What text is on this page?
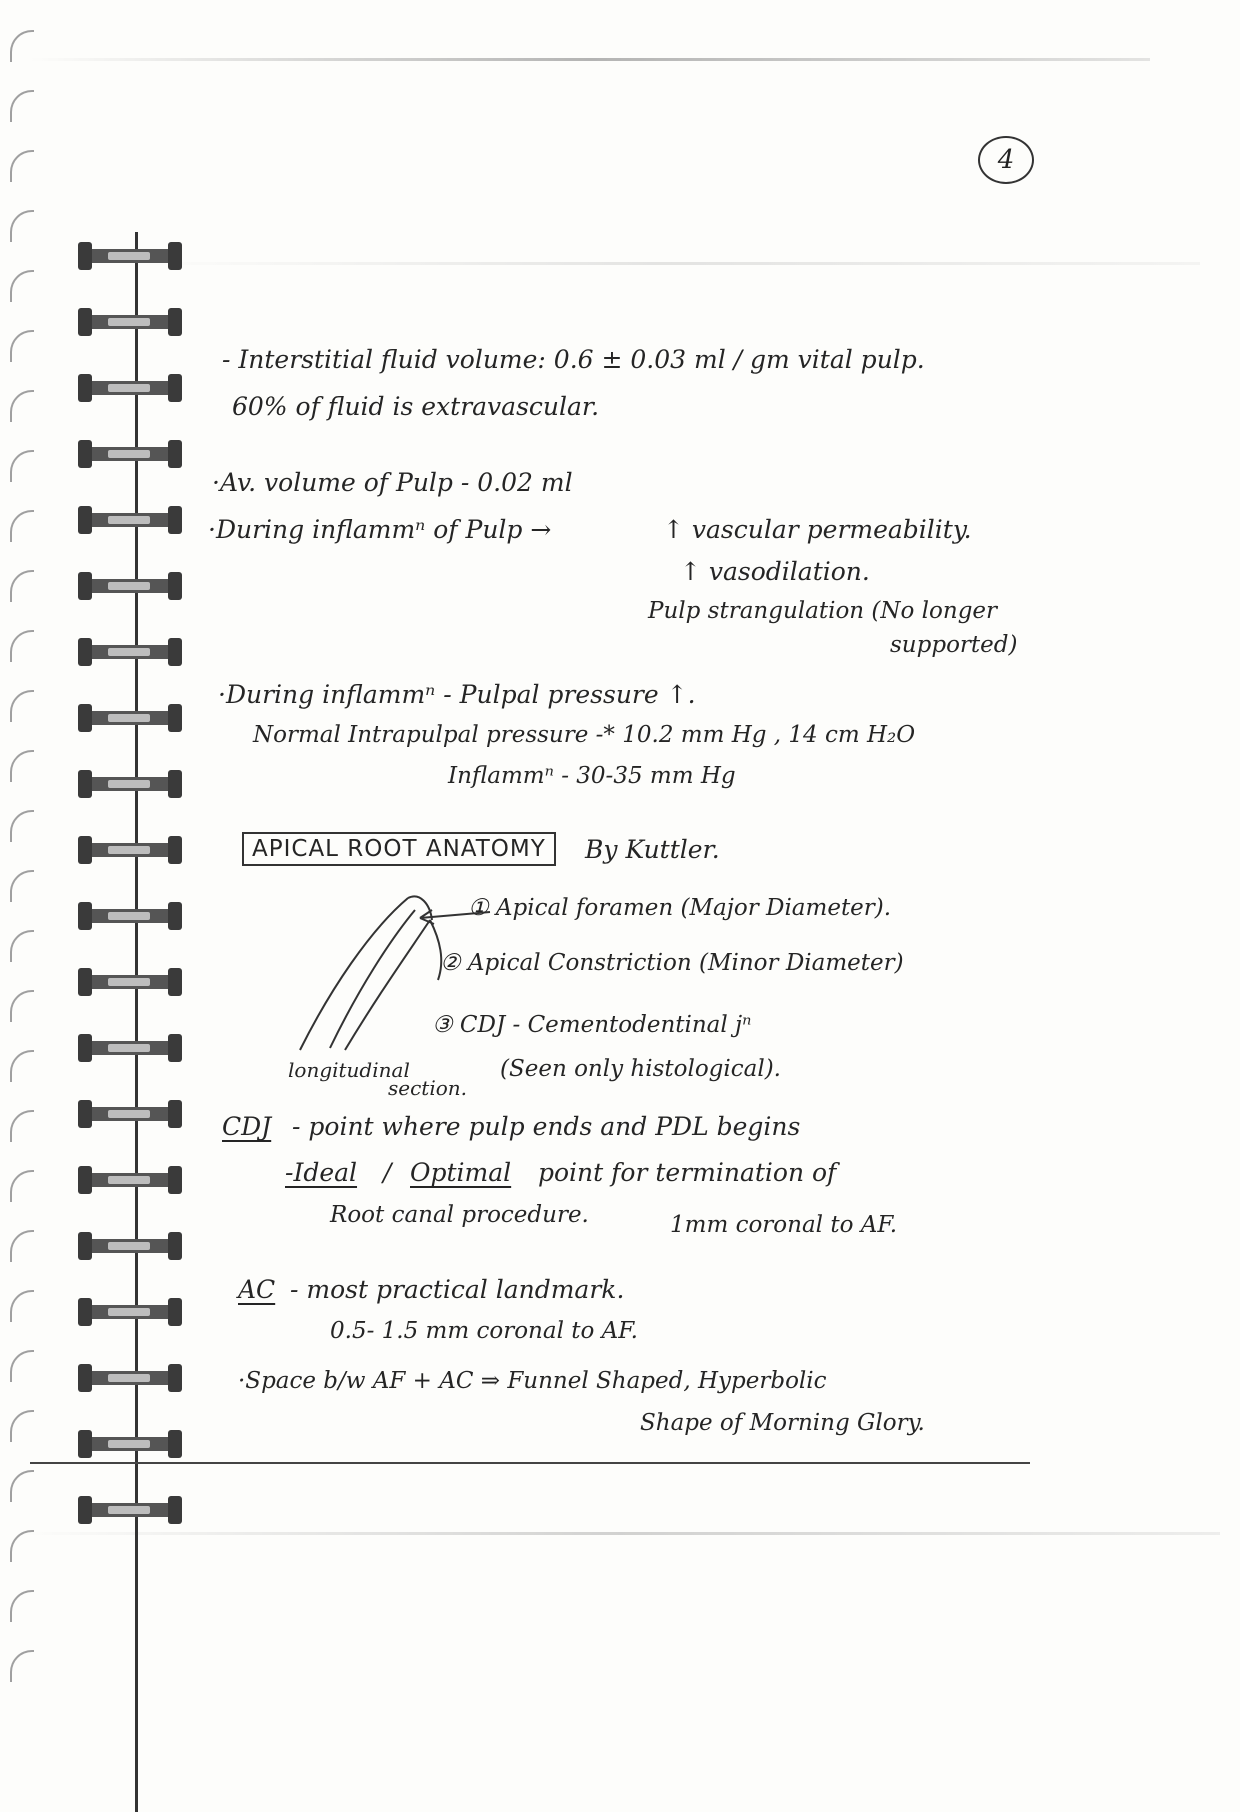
4
- Interstitial fluid volume: 0.6 ± 0.03 ml / gm vital pulp.
60% of fluid is extravascular.
·Av. volume of Pulp - 0.02 ml
·During inflammⁿ of Pulp →	↑ vascular permeability.
↑ vasodilation.
Pulp strangulation (No longer
supported)
·During inflammⁿ - Pulpal pressure ↑.
Normal Intrapulpal pressure -* 10.2 mm Hg , 14 cm H₂O
Inflammⁿ - 30-35 mm Hg
APICAL ROOT ANATOMY	By Kuttler.
① Apical foramen (Major Diameter).
② Apical Constriction (Minor Diameter)
③ CDJ - Cementodentinal jⁿ
(Seen only histological).
longitudinal
section.
CDJ - point where pulp ends and PDL begins
-Ideal / Optimal point for termination of
Root canal procedure.	1mm coronal to AF.
AC - most practical landmark.
0.5- 1.5 mm coronal to AF.
·Space b/w AF + AC ⇒ Funnel Shaped, Hyperbolic
Shape of Morning Glory.
